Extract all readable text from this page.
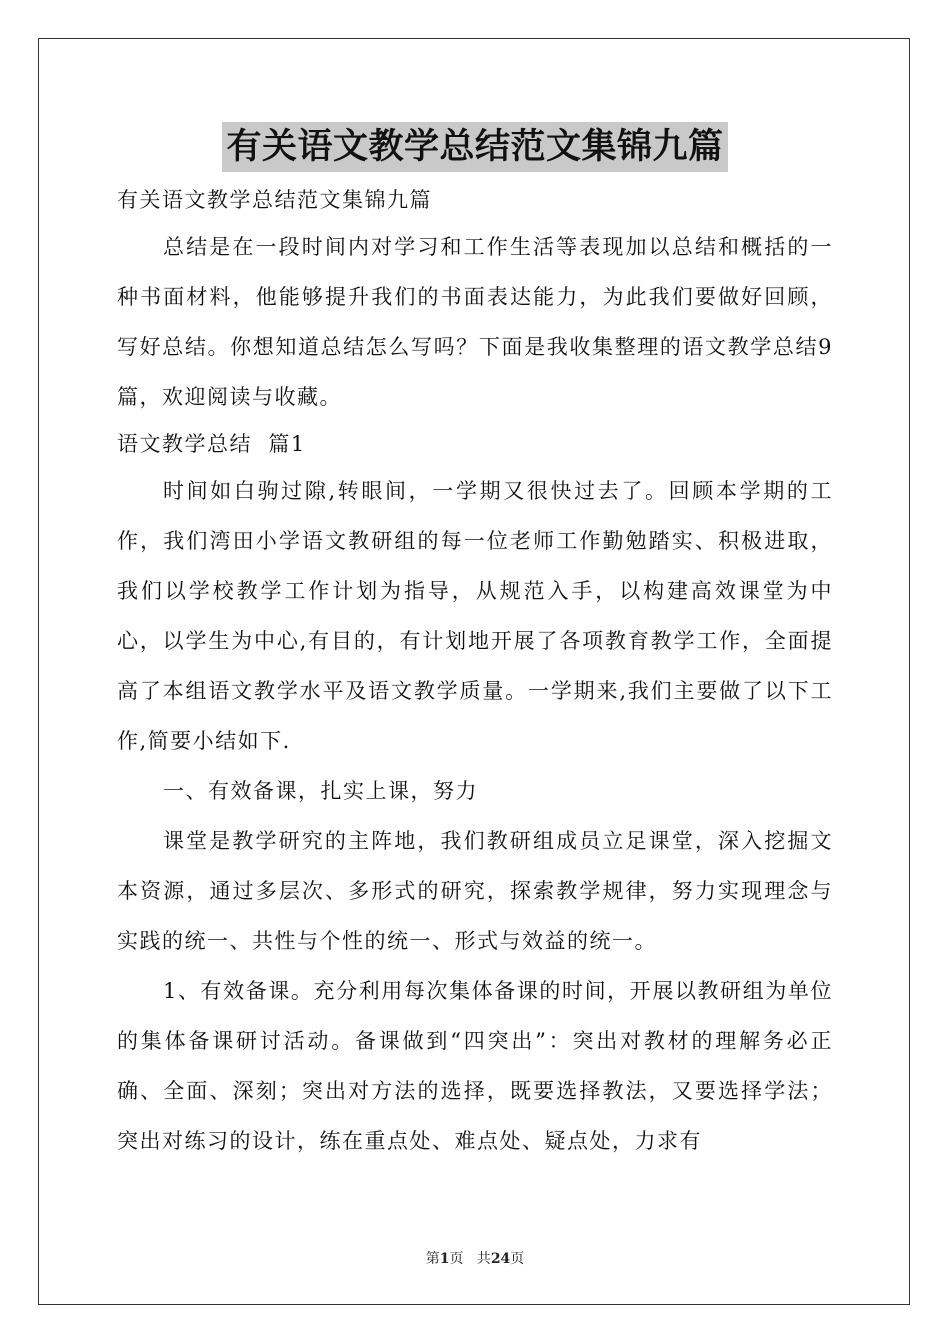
有关语文教学总结范文集锦九篇

有关语文教学总结范文集锦九篇

总结是在一段时间内对学习和工作生活等表现加以总结和概括的一种书面材料，他能够提升我们的书面表达能力，为此我们要做好回顾，写好总结。你想知道总结怎么写吗？下面是我收集整理的语文教学总结9篇，欢迎阅读与收藏。

语文教学总结  篇1

时间如白驹过隙,转眼间，一学期又很快过去了。回顾本学期的工作，我们湾田小学语文教研组的每一位老师工作勤勉踏实、积极进取，我们以学校教学工作计划为指导，从规范入手，以构建高效课堂为中心，以学生为中心,有目的，有计划地开展了各项教育教学工作，全面提高了本组语文教学水平及语文教学质量。一学期来,我们主要做了以下工作,简要小结如下.

一、有效备课，扎实上课，努力

课堂是教学研究的主阵地，我们教研组成员立足课堂，深入挖掘文本资源，通过多层次、多形式的研究，探索教学规律，努力实现理念与实践的统一、共性与个性的统一、形式与效益的统一。

1、有效备课。充分利用每次集体备课的时间，开展以教研组为单位的集体备课研讨活动。备课做到“四突出”：突出对教材的理解务必正确、全面、深刻；突出对方法的选择，既要选择教法，又要选择学法；突出对练习的设计，练在重点处、难点处、疑点处，力求有

第1页   共24页
